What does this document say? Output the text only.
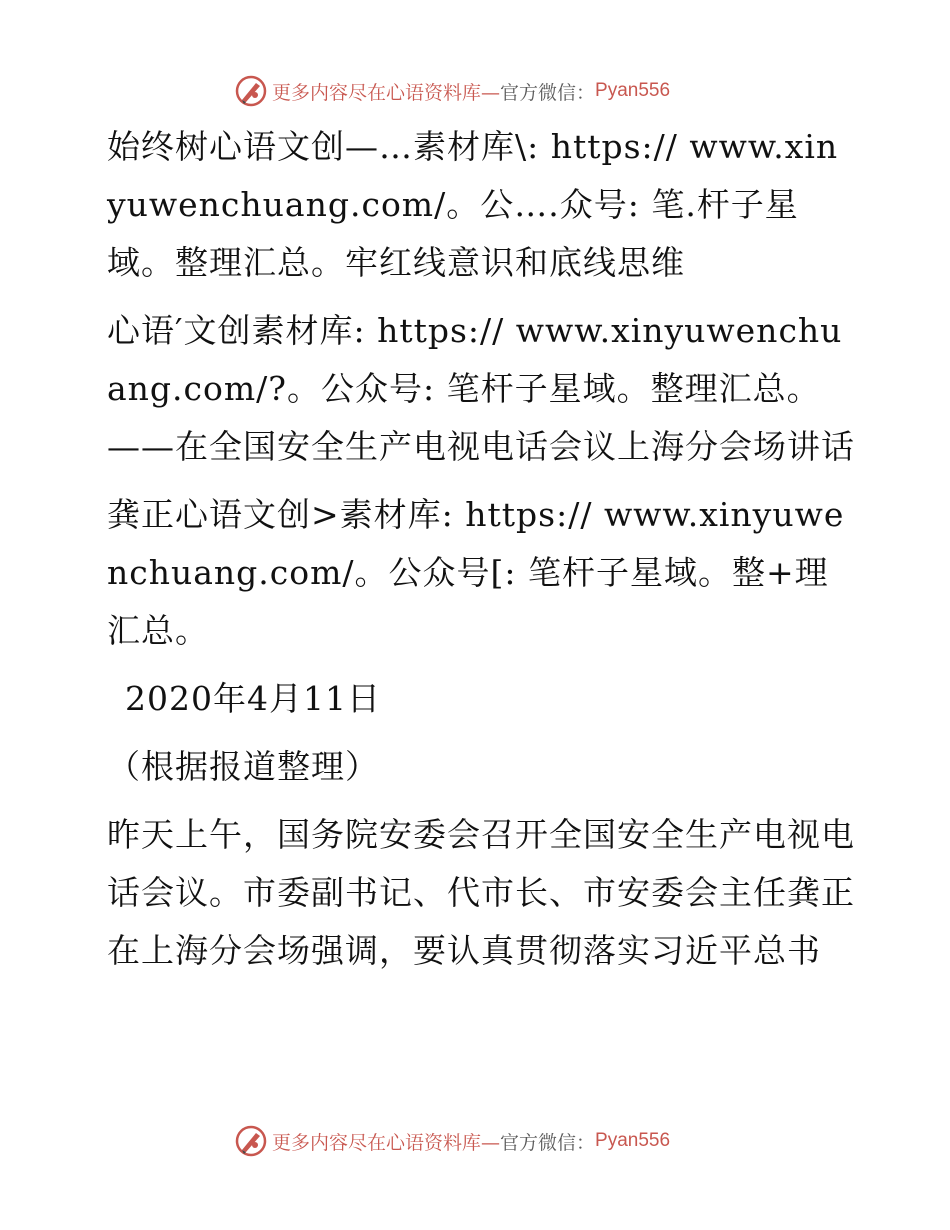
更多内容尽在心语资料库— 官方微信： Pyan556

始终树心语文创—…素材库\: https:// www.xinyuwenchuang.com/。公….众号: 笔.杆子星域。整理汇总。牢红线意识和底线思维

心语′文创素材库: https:// www.xinyuwenchuang.com/?。公众号: 笔杆子星域。整理汇总。——在全国安全生产电视电话会议上海分会场讲话

龚正心语文创>素材库: https:// www.xinyuwenchuang.com/。公众号[: 笔杆子星域。整+理汇总。

2020年4月11日

（根据报道整理）

昨天上午，国务院安委会召开全国安全生产电视电话会议。市委副书记、代市长、市安委会主任龚正在上海分会场强调，要认真贯彻落实习近平总书

更多内容尽在心语资料库— 官方微信： Pyan556
